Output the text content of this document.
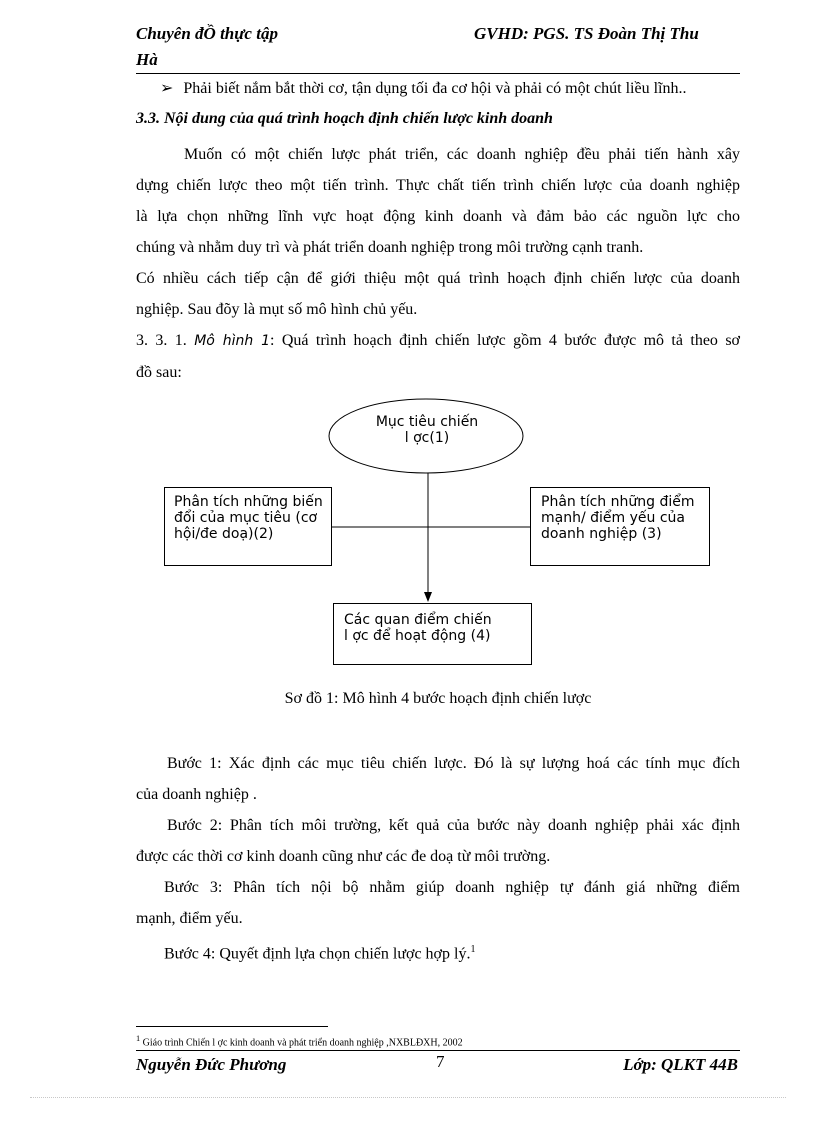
Chuyên đỒ thực tập	GVHD: PGS. TS Đoàn Thị Thu
Hà
➢ Phải biết nắm bắt thời cơ, tận dụng tối đa cơ hội và phải có một chút liều lĩnh..
3.3. Nội dung của quá trình hoạch định chiến lược kinh doanh

Muốn có một chiến lược phát triển, các doanh nghiệp đều phải tiến hành xây

dựng chiến lược theo một tiến trình. Thực chất tiến trình chiến lược của doanh nghiệp

là lựa chọn những lĩnh vực hoạt động kinh doanh và đảm bảo các nguồn lực cho

chúng và nhằm duy trì và phát triển doanh nghiệp trong môi trường cạnh tranh.

Có nhiều cách tiếp cận để giới thiệu một quá trình hoạch định chiến lược của doanh

nghiệp. Sau đõy là mụt số mô hình chủ yếu.

3. 3. 1. Mô hình 1: Quá trình hoạch định chiến lược gồm 4 bước được mô tả theo sơ

đồ sau:

Mục tiêu chiến
l ợc(1)
Phân tích những biến
đổi của mục tiêu (cơ
hội/đe doạ)(2)
Phân tích những điểm
mạnh/ điểm yếu của
doanh nghiệp (3)
Các quan điểm chiến
l ợc để hoạt động (4)
Sơ đồ 1: Mô hình 4 bước hoạch định chiến lược

Bước 1: Xác định các mục tiêu chiến lược. Đó là sự lượng hoá các tính mục đích

của doanh nghiệp .

Bước 2: Phân tích môi trường, kết quả của bước này doanh nghiệp phải xác định

được các thời cơ kinh doanh cũng như các đe doạ từ môi trường.

Bước 3: Phân tích nội bộ nhằm giúp doanh nghiệp tự đánh giá những điểm

mạnh, điểm yếu.

Bước 4: Quyết định lựa chọn chiến lược hợp lý.$^1$

$^1$ Giáo trình Chiến l ợc kinh doanh và phát triển doanh nghiệp ,NXBLĐXH, 2002
Nguyễn Đức Phương	7	Lớp: QLKT 44B
